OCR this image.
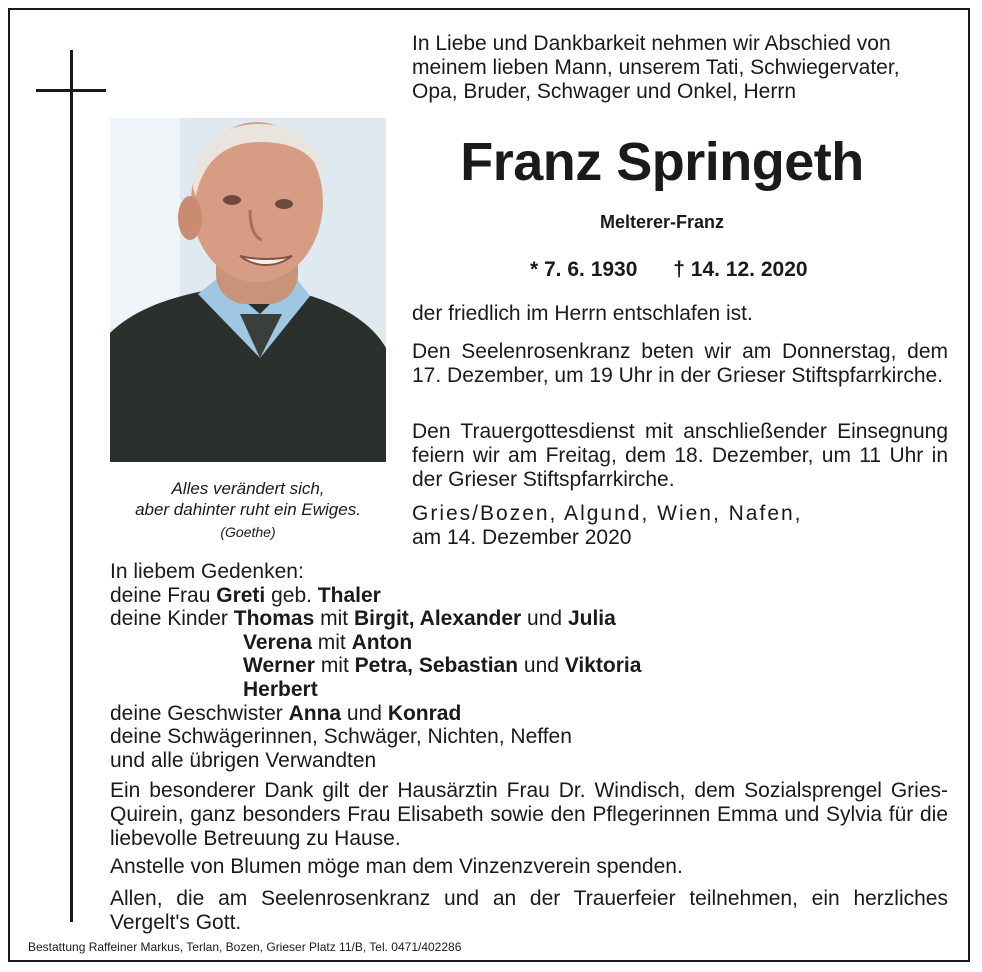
Alles verändert sich,
aber dahinter ruht ein Ewiges.
(Goethe)
In Liebe und Dankbarkeit nehmen wir Abschied von
meinem lieben Mann, unserem Tati, Schwiegervater,
Opa, Bruder, Schwager und Onkel, Herrn
Franz Springeth
Melterer-Franz
* 7. 6. 1930 † 14. 12. 2020
der friedlich im Herrn entschlafen ist.
Den Seelenrosenkranz beten wir am Donnerstag, dem 17. Dezember, um 19 Uhr in der Grieser Stiftspfarrkirche.
Den Trauergottesdienst mit anschließender Einsegnung feiern wir am Freitag, dem 18. Dezember, um 11 Uhr in der Grieser Stiftspfarrkirche.
Gries/Bozen, Algund, Wien, Nafen,
am 14. Dezember 2020
In liebem Gedenken:
deine Frau Greti geb. Thaler
deine Kinder Thomas mit Birgit, Alexander und Julia
Verena mit Anton
Werner mit Petra, Sebastian und Viktoria
Herbert
deine Geschwister Anna und Konrad
deine Schwägerinnen, Schwäger, Nichten, Neffen
und alle übrigen Verwandten
Ein besonderer Dank gilt der Hausärztin Frau Dr. Windisch, dem Sozialsprengel Gries-Quirein, ganz besonders Frau Elisabeth sowie den Pflegerinnen Emma und Sylvia für die liebevolle Betreuung zu Hause.
Anstelle von Blumen möge man dem Vinzenzverein spenden.
Allen, die am Seelenrosenkranz und an der Trauerfeier teilnehmen, ein herzliches Vergelt's Gott.
Bestattung Raffeiner Markus, Terlan, Bozen, Grieser Platz 11/B, Tel. 0471/402286
